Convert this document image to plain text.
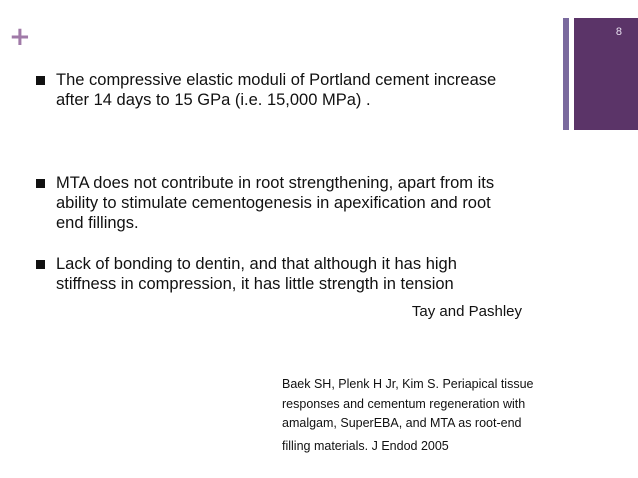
+	8
The compressive elastic moduli of Portland cement increase
after 14 days to 15 GPa (i.e. 15,000 MPa) .
MTA does not contribute in root strengthening, apart from its
ability to stimulate cementogenesis in apexification and root
end fillings.
Lack of bonding to dentin, and that although it has high
stiffness in compression, it has little strength in tension
Tay and Pashley
Baek SH, Plenk H Jr, Kim S. Periapical tissue
responses and cementum regeneration with
amalgam, SuperEBA, and MTA as root-end

filling materials. J Endod 2005
